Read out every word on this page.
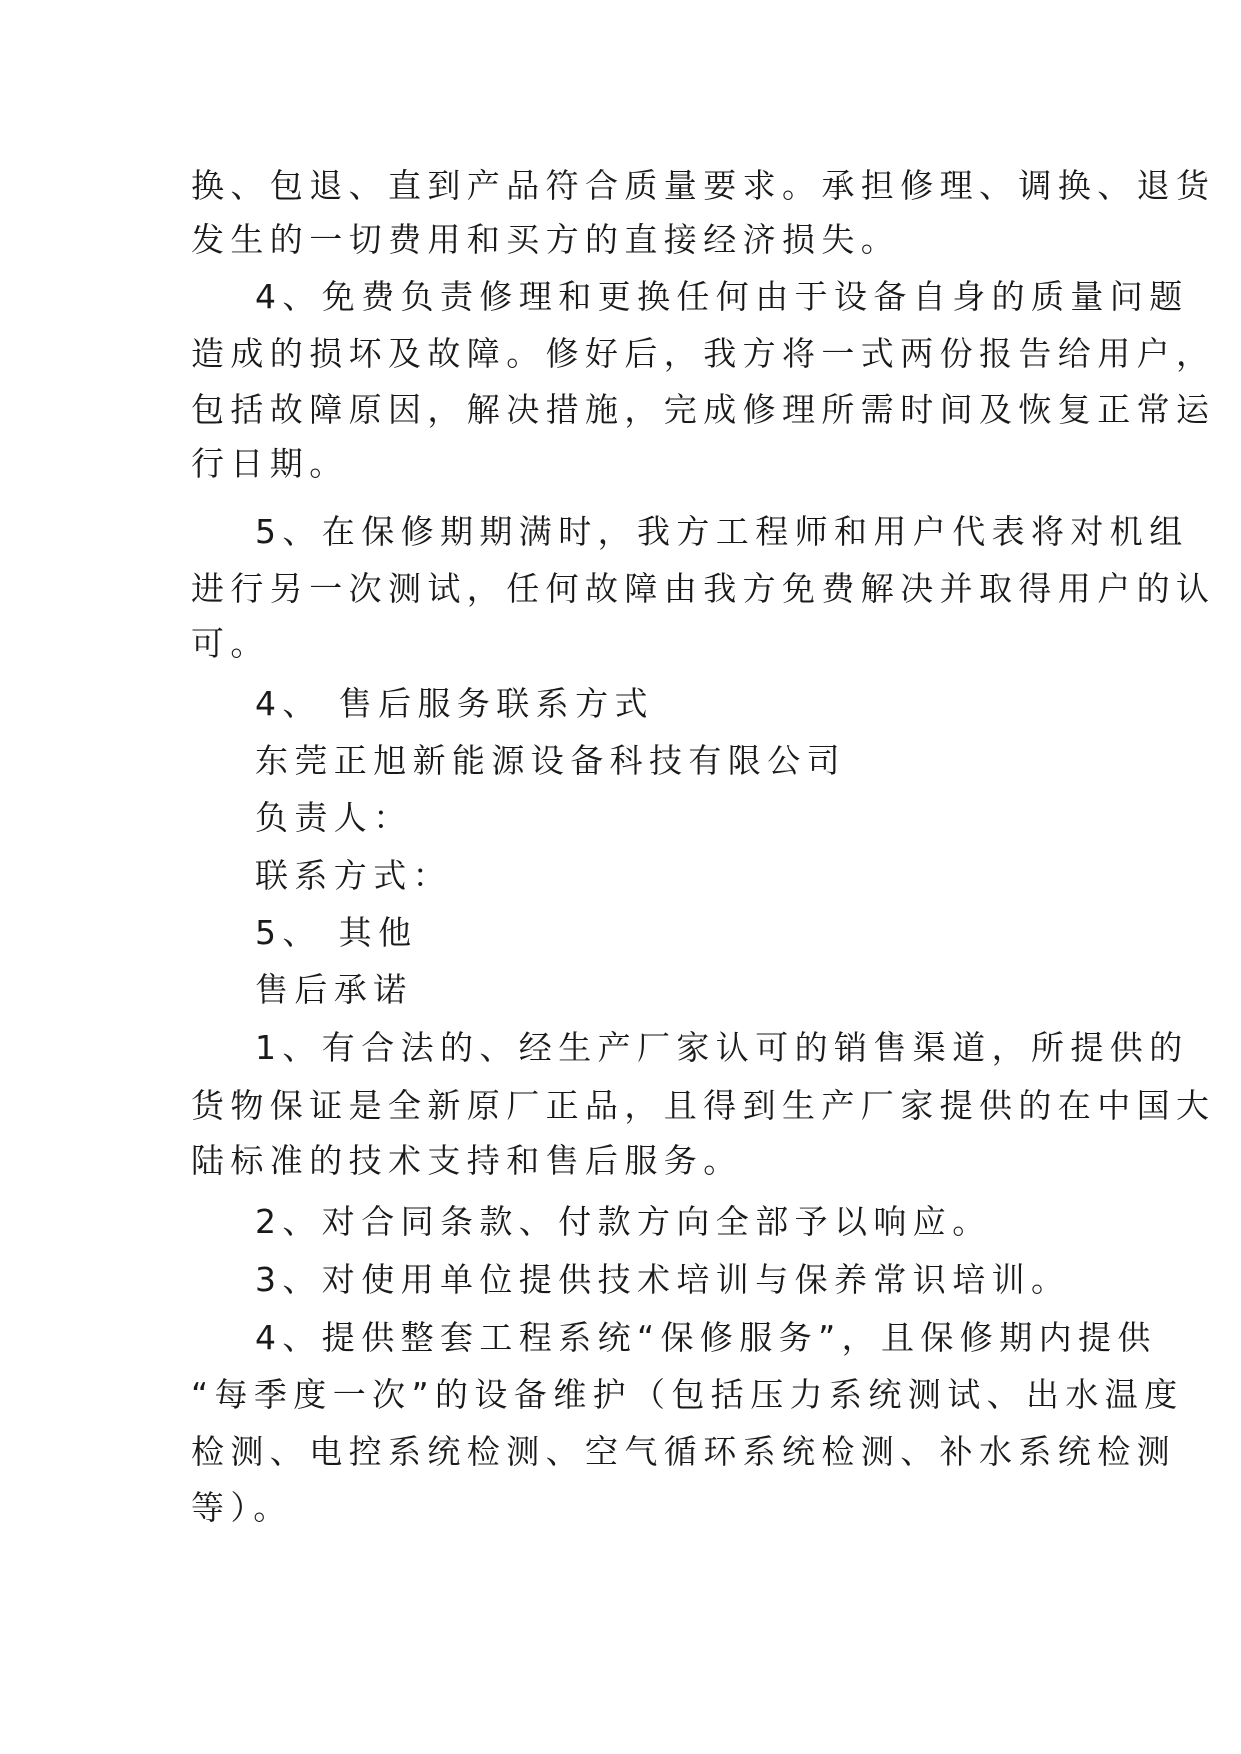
换、包退、直到产品符合质量要求。承担修理、调换、退货
发生的一切费用和买方的直接经济损失。
4、免费负责修理和更换任何由于设备自身的质量问题
造成的损坏及故障。修好后，我方将一式两份报告给用户，
包括故障原因，解决措施，完成修理所需时间及恢复正常运
行日期。
5、在保修期期满时，我方工程师和用户代表将对机组
进行另一次测试，任何故障由我方免费解决并取得用户的认
可。
4、 售后服务联系方式
东莞正旭新能源设备科技有限公司
负责人：
联系方式：
5、 其他
售后承诺
1、有合法的、经生产厂家认可的销售渠道，所提供的
货物保证是全新原厂正品，且得到生产厂家提供的在中国大
陆标准的技术支持和售后服务。
2、对合同条款、付款方向全部予以响应。
3、对使用单位提供技术培训与保养常识培训。
4、提供整套工程系统“保修服务”，且保修期内提供
“每季度一次”的设备维护（包括压力系统测试、出水温度
检测、电控系统检测、空气循环系统检测、补水系统检测
等）。
